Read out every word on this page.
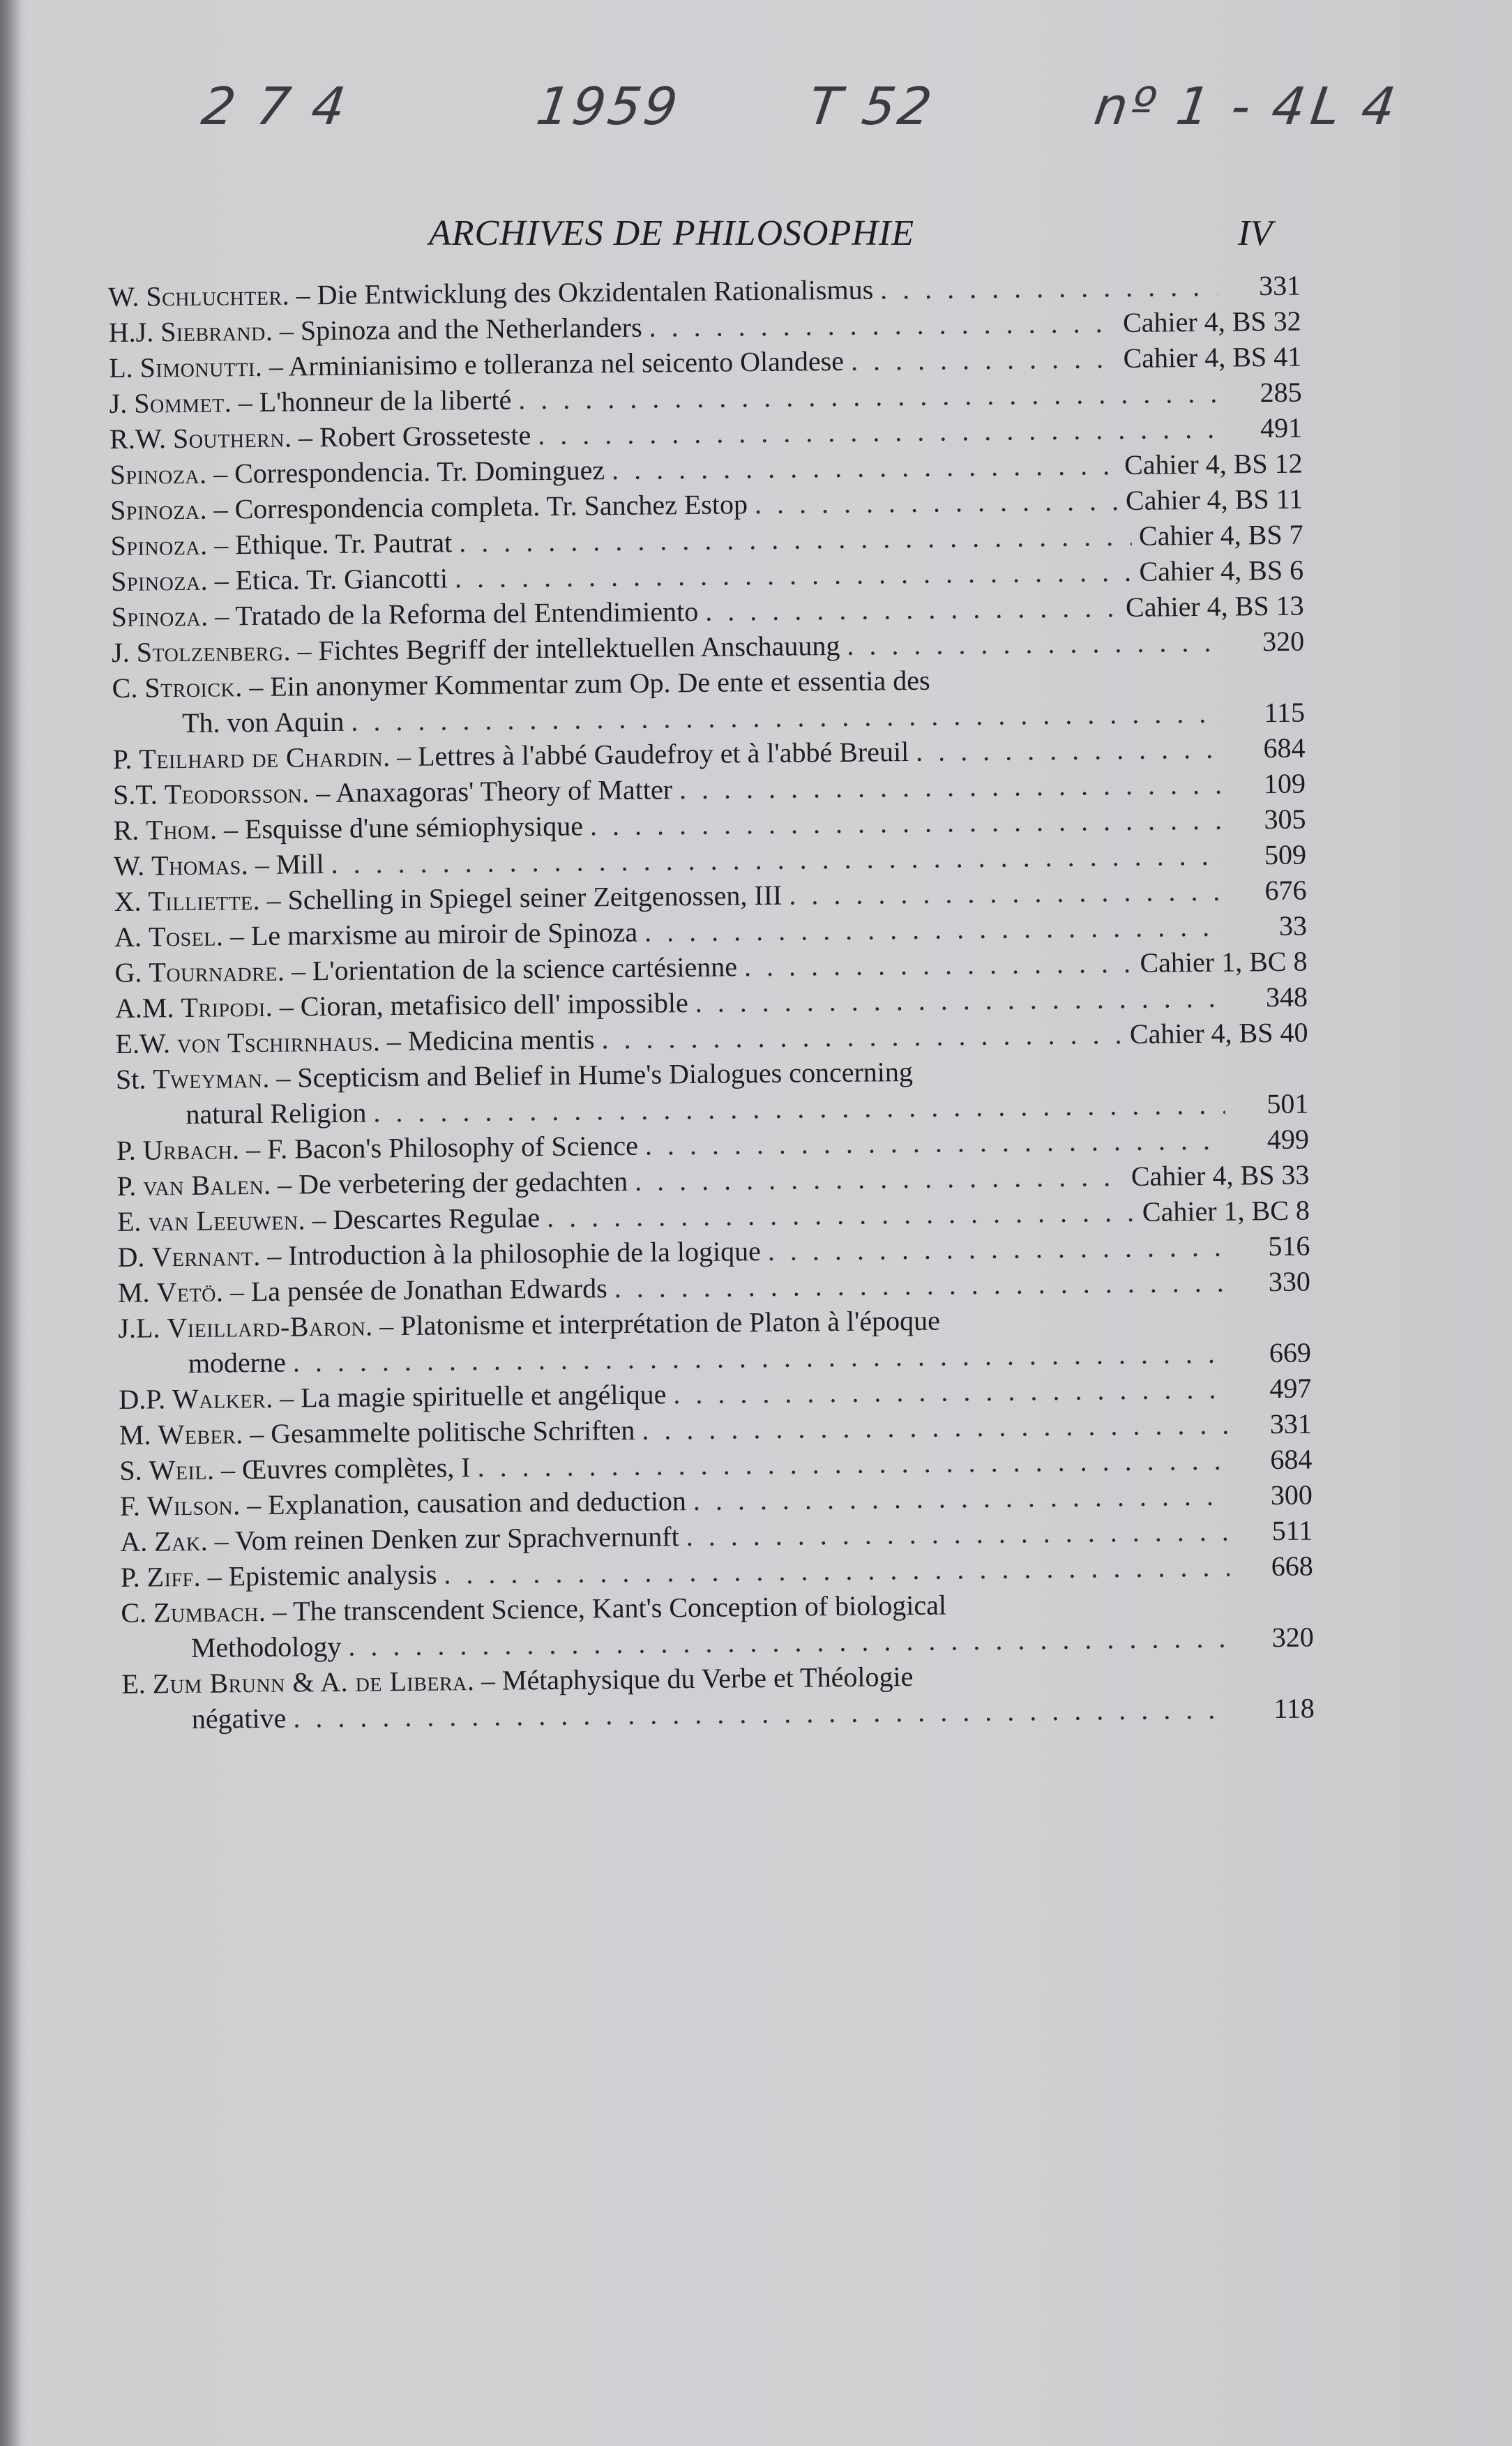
2 7 4	1959 T 52	nº 1 - 4
L 4
ARCHIVES DE PHILOSOPHIE	IV
W. Schluchter. – Die Entwicklung des Okzidentalen Rationalismus . . .	331
H.J. Siebrand. – Spinoza and the Netherlanders . . .	Cahier 4, BS 32
L. Simonutti. – Arminianisimo e tolleranza nel seicento Olandese . . .	Cahier 4, BS 41
J. Sommet. – L'honneur de la liberté . . .	285
R.W. Southern. – Robert Grosseteste . . .	491
Spinoza. – Correspondencia. Tr. Dominguez . . .	Cahier 4, BS 12
Spinoza. – Correspondencia completa. Tr. Sanchez Estop . . .	Cahier 4, BS 11
Spinoza. – Ethique. Tr. Pautrat . . .	Cahier 4, BS 7
Spinoza. – Etica. Tr. Giancotti . . .	Cahier 4, BS 6
Spinoza. – Tratado de la Reforma del Entendimiento . . .	Cahier 4, BS 13
J. Stolzenberg. – Fichtes Begriff der intellektuellen Anschauung . . .	320
C. Stroick. – Ein anonymer Kommentar zum Op. De ente et essentia des
Th. von Aquin . . .	115
P. Teilhard de Chardin. – Lettres à l'abbé Gaudefroy et à l'abbé Breuil . . .	684
S.T. Teodorsson. – Anaxagoras' Theory of Matter . . .	109
R. Thom. – Esquisse d'une sémiophysique . . .	305
W. Thomas. – Mill . . .	509
X. Tilliette. – Schelling in Spiegel seiner Zeitgenossen, III . . .	676
A. Tosel. – Le marxisme au miroir de Spinoza . . .	33
G. Tournadre. – L'orientation de la science cartésienne . . .	Cahier 1, BC 8
A.M. Tripodi. – Cioran, metafisico dell' impossible . . .	348
E.W. von Tschirnhaus. – Medicina mentis . . .	Cahier 4, BS 40
St. Tweyman. – Scepticism and Belief in Hume's Dialogues concerning
natural Religion . . .	501
P. Urbach. – F. Bacon's Philosophy of Science . . .	499
P. van Balen. – De verbetering der gedachten . . .	Cahier 4, BS 33
E. van Leeuwen. – Descartes Regulae . . .	Cahier 1, BC 8
D. Vernant. – Introduction à la philosophie de la logique . . .	516
M. Vetö. – La pensée de Jonathan Edwards . . .	330
J.L. Vieillard-Baron. – Platonisme et interprétation de Platon à l'époque
moderne . . .	669
D.P. Walker. – La magie spirituelle et angélique . . .	497
M. Weber. – Gesammelte politische Schriften . . .	331
S. Weil. – Œuvres complètes, I . . .	684
F. Wilson. – Explanation, causation and deduction . . .	300
A. Zak. – Vom reinen Denken zur Sprachvernunft . . .	511
P. Ziff. – Epistemic analysis . . .	668
C. Zumbach. – The transcendent Science, Kant's Conception of biological
Methodology . . .	320
E. Zum Brunn & A. de Libera. – Métaphysique du Verbe et Théologie
négative . . .	118
